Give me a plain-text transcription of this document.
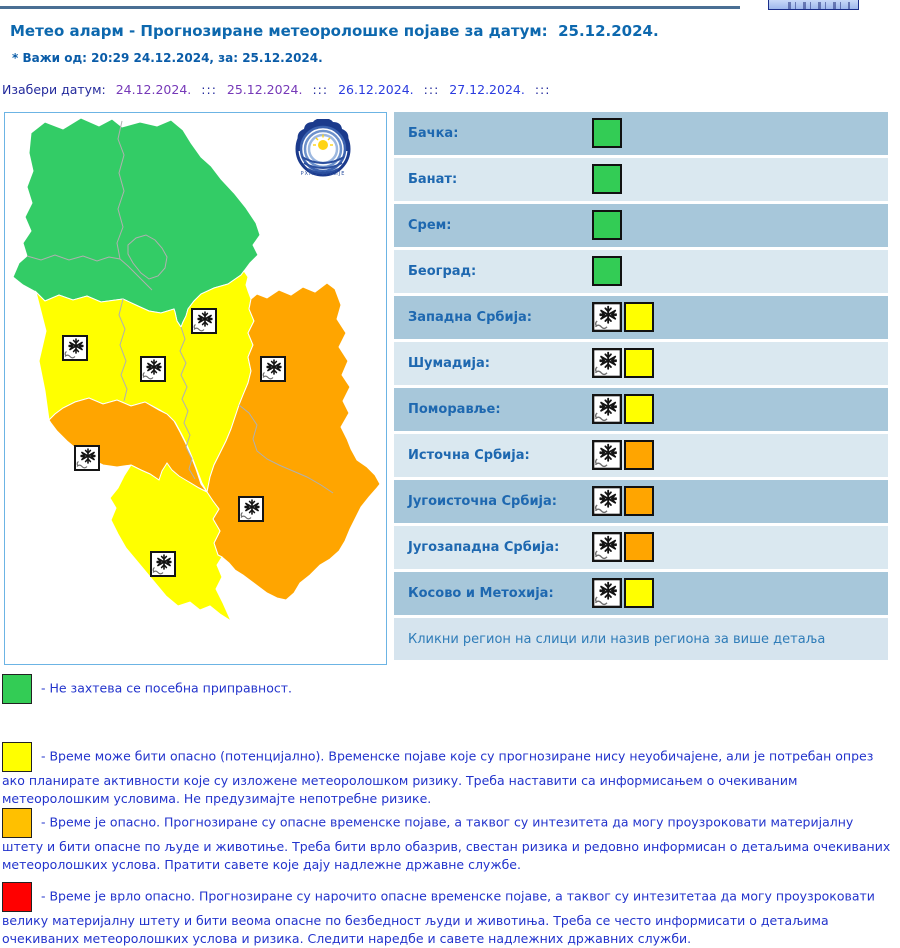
Метео аларм - Прогнозиране метеоролошке појаве за датум:  25.12.2024.
* Важи од: 20:29 24.12.2024, за: 25.12.2024.
Изабери датум: 24.12.2024. ::: 25.12.2024. ::: 26.12.2024. ::: 27.12.2024. :::
РХМЗ СРБИЈЕ
Бачка:
Банат:
Срем:
Београд:
Западна Србија:
Шумадија:
Поморавље:
Источна Србија:
Југоисточна Србија:
Југозападна Србија:
Косово и Метохија:
Кликни регион на слици или назив региона за више детаља
- Не захтева се посебна приправност.
- Време може бити опасно (потенцијално). Временске појаве које су прогнозиране нису неуобичајене, али је потребан опрез ако планирате активности које су изложене метеоролошком ризику. Треба наставити са информисањем о очекиваним метеоролошким условима. Не предузимајте непотребне ризике.
- Време је опасно. Прогнозиране су опасне временске појаве, а таквог су интезитета да могу проузроковати материјалну штету и бити опасне по људе и животиње. Треба бити врло обазрив, свестан ризика и редовно информисан о детаљима очекиваних метеоролошких услова. Пратити савете које дају надлежне државне службе.
- Време је врло опасно. Прогнозиране су нарочито опасне временске појаве, а таквог су интезитетаа да могу проузроковати велику материјалну штету и бити веома опасне по безбедност људи и животиња. Треба се често информисати о детаљима очекиваних метеоролошких услова и ризика. Следити наредбе и савете надлежних државних служби.
